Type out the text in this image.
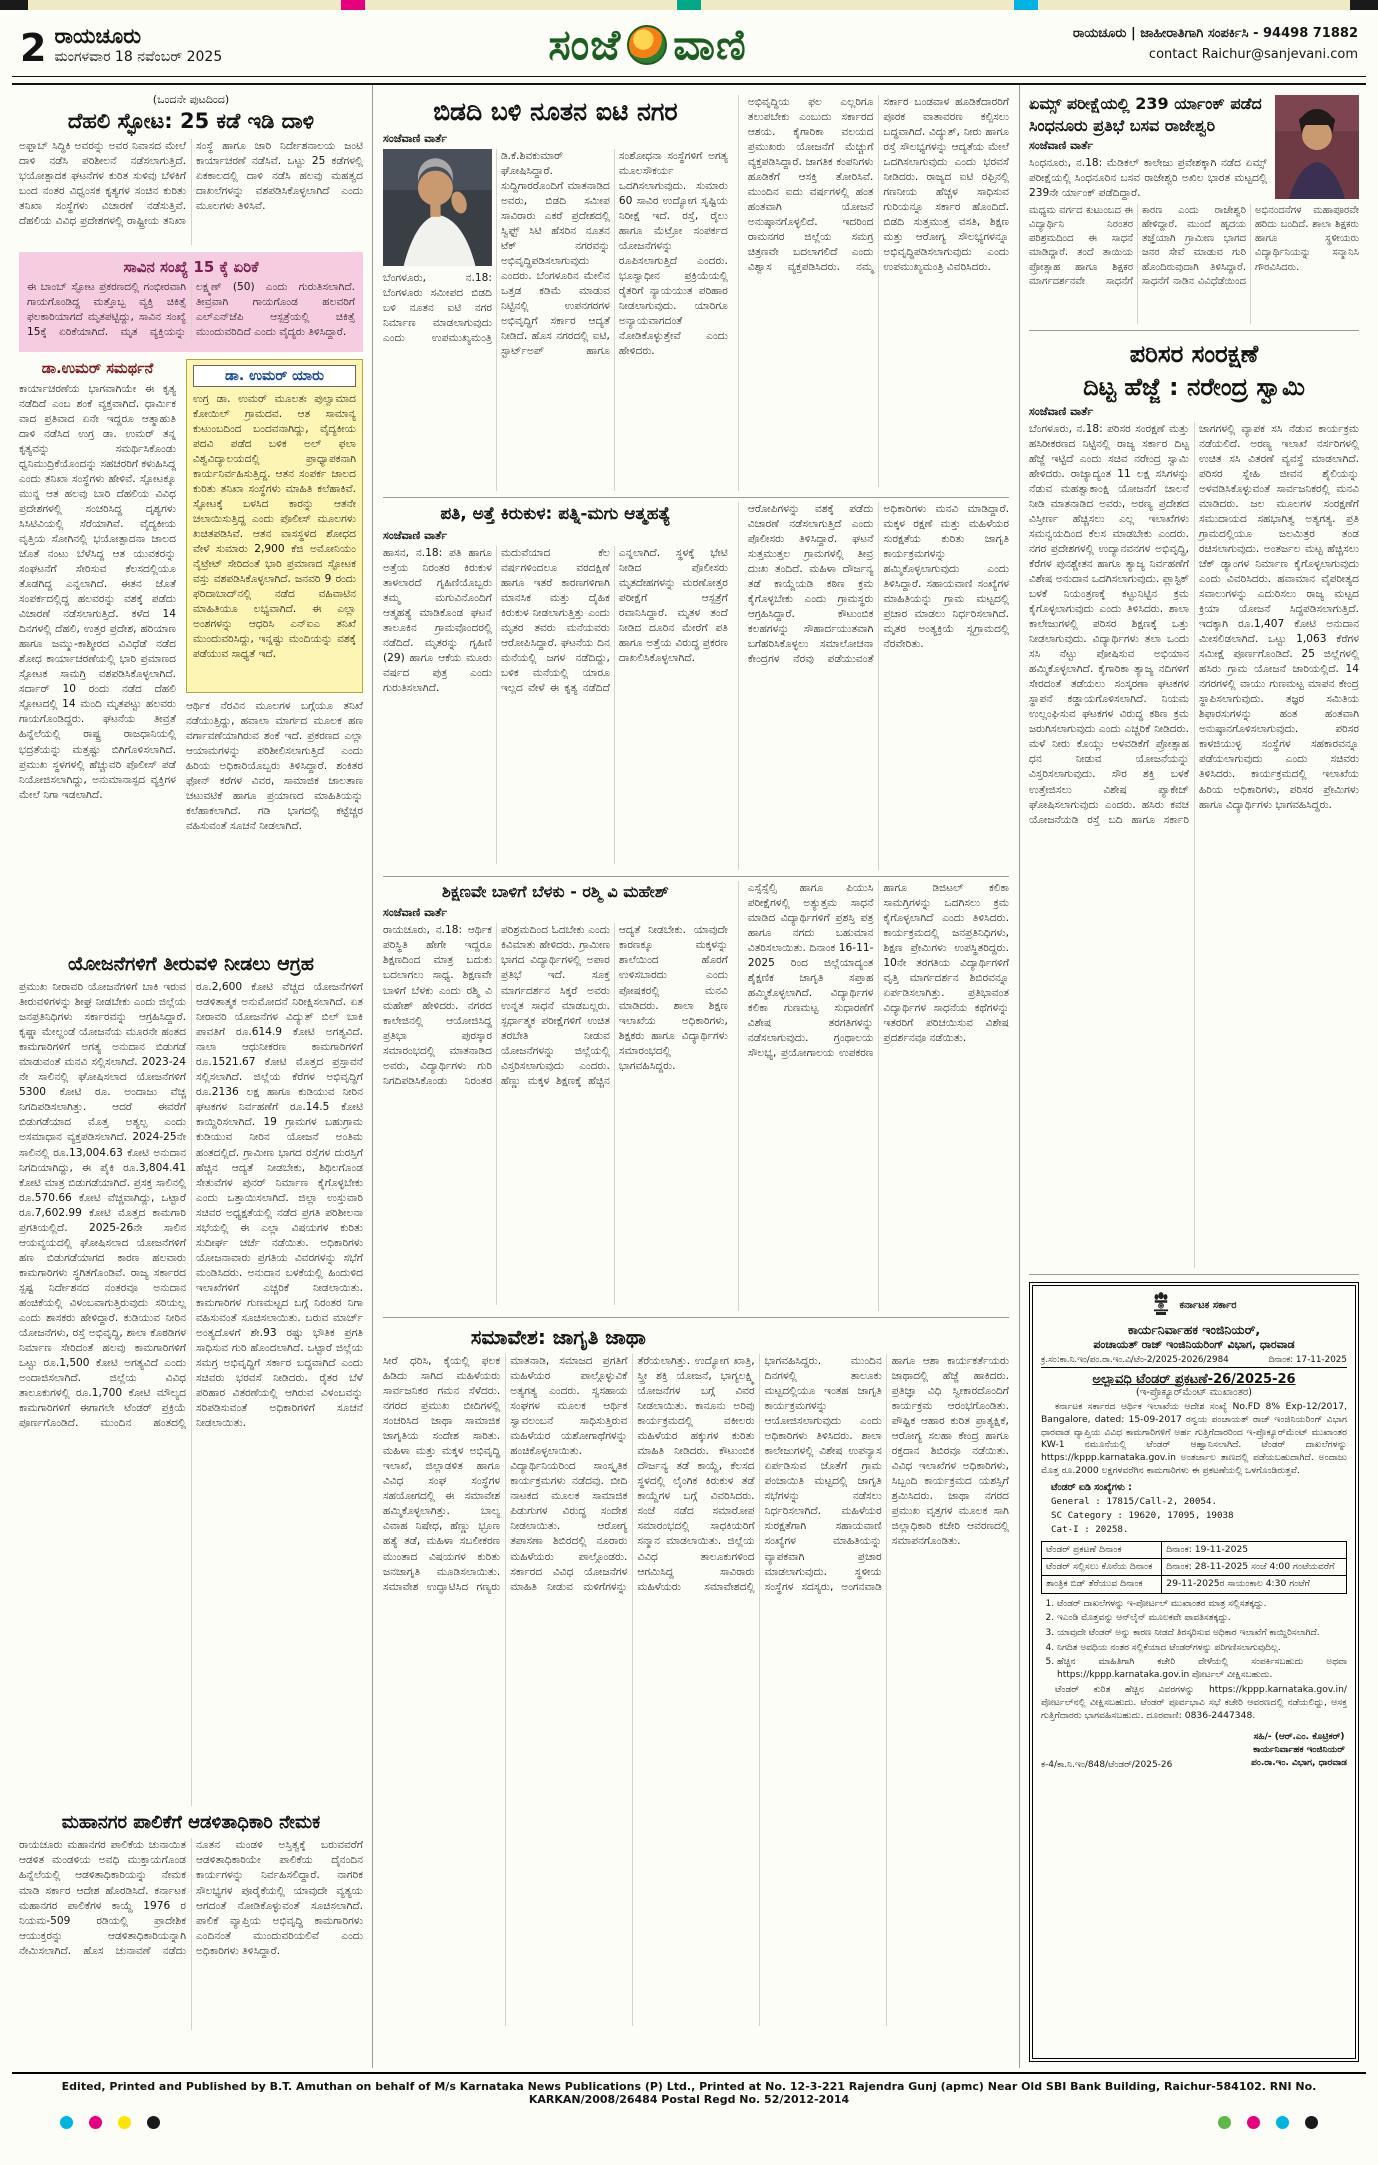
2 ರಾಯಚೂರು
ಮಂಗಳವಾರ 18 ನವೆಂಬರ್ 2025	ಸಂಜೆ ವಾಣಿ	ರಾಯಚೂರು | ಜಾಹೀರಾತಿಗಾಗಿ ಸಂಪರ್ಕಿಸಿ - 94498 71882
contact Raichur@sanjevani.com
(ಒಂದನೇ ಪುಟದಿಂದ)
ದೆಹಲಿ ಸ್ಫೋಟ: 25 ಕಡೆ ಇಡಿ ದಾಳಿ
ಅಫ್ತಾಬ್ ಸಿದ್ಧಿಕಿ ಅವರನ್ನು ಅವರ ನಿವಾಸದ ಮೇಲೆ ದಾಳಿ ನಡೆಸಿ ಪರಿಶೀಲನೆ ನಡೆಸಲಾಗುತ್ತಿದೆ. ಭಯೋತ್ಪಾದಕ ಘಟನೆಗಳ ಕುರಿತ ಸುಳಿವು ಬೆಳಕಿಗೆ ಬಂದ ನಂತರ ವಿಧ್ವಂಸಕ ಕೃತ್ಯಗಳ ಸಂಚಿನ ಕುರಿತು ತನಿಖಾ ಸಂಸ್ಥೆಗಳು ವಿಚಾರಣೆ ನಡೆಸುತ್ತಿವೆ. ದೆಹಲಿಯ ವಿವಿಧ ಪ್ರದೇಶಗಳಲ್ಲಿ ರಾಷ್ಟ್ರೀಯ ತನಿಖಾ ಸಂಸ್ಥೆ ಹಾಗೂ ಜಾರಿ ನಿರ್ದೇಶನಾಲಯ ಜಂಟಿ ಕಾರ್ಯಾಚರಣೆ ನಡೆಸಿವೆ. ಒಟ್ಟು 25 ಕಡೆಗಳಲ್ಲಿ ಏಕಕಾಲದಲ್ಲಿ ದಾಳಿ ನಡೆಸಿ ಹಲವು ಮಹತ್ವದ ದಾಖಲೆಗಳನ್ನು ವಶಪಡಿಸಿಕೊಳ್ಳಲಾಗಿದೆ ಎಂದು ಮೂಲಗಳು ತಿಳಿಸಿವೆ.
ಸಾವಿನ ಸಂಖ್ಯೆ 15 ಕ್ಕೆ ಏರಿಕೆ
ಈ ಬಾಂಬ್ ಸ್ಫೋಟ ಪ್ರಕರಣದಲ್ಲಿ ಗಂಭೀರವಾಗಿ ಗಾಯಗೊಂಡಿದ್ದ ಮತ್ತೊಬ್ಬ ವ್ಯಕ್ತಿ ಚಿಕಿತ್ಸೆ ಫಲಕಾರಿಯಾಗದೆ ಮೃತಪಟ್ಟಿದ್ದು, ಸಾವಿನ ಸಂಖ್ಯೆ 15ಕ್ಕೆ ಏರಿಕೆಯಾಗಿದೆ. ಮೃತ ವ್ಯಕ್ತಿಯನ್ನು ಲಕ್ಷ್ಮಣ್ (50) ಎಂದು ಗುರುತಿಸಲಾಗಿದೆ. ತೀವ್ರವಾಗಿ ಗಾಯಗೊಂಡ ಹಲವರಿಗೆ ಎಲ್‌ಎನ್‌ಜೆಪಿ ಆಸ್ಪತ್ರೆಯಲ್ಲಿ ಚಿಕಿತ್ಸೆ ಮುಂದುವರಿದಿದೆ ಎಂದು ವೈದ್ಯರು ತಿಳಿಸಿದ್ದಾರೆ.
ಡಾ.ಉಮರ್ ಸಮರ್ಥನೆ
ಕಾರ್ಯಾಚರಣೆಯ ಭಾಗವಾಗಿಯೇ ಈ ಕೃತ್ಯ ನಡೆದಿದೆ ಎಂಬ ಶಂಕೆ ವ್ಯಕ್ತವಾಗಿದೆ. ಧಾರ್ಮಿಕ ವಾದ ಪ್ರತಿವಾದ ಏನೇ ಇದ್ದರೂ ಆತ್ಮಾಹುತಿ ದಾಳಿ ನಡೆಸಿದ ಉಗ್ರ ಡಾ. ಉಮರ್ ತನ್ನ ಕೃತ್ಯವನ್ನು ಸಮರ್ಥಿಸಿಕೊಂಡು ಧ್ವನಿಮುದ್ರಿಕೆಯೊಂದನ್ನು ಸಹಚರರಿಗೆ ಕಳುಹಿಸಿದ್ದ ಎಂದು ತನಿಖಾ ಸಂಸ್ಥೆಗಳು ಹೇಳಿವೆ. ಸ್ಫೋಟಕ್ಕೂ ಮುನ್ನ ಆತ ಹಲವು ಬಾರಿ ದೆಹಲಿಯ ವಿವಿಧ ಪ್ರದೇಶಗಳಲ್ಲಿ ಸಂಚರಿಸಿದ್ದ ದೃಶ್ಯಗಳು ಸಿಸಿಟಿವಿಯಲ್ಲಿ ಸೆರೆಯಾಗಿವೆ. ವೈದ್ಯಕೀಯ ವೃತ್ತಿಯ ಸೋಗಿನಲ್ಲಿ ಭಯೋತ್ಪಾದನಾ ಜಾಲದ ಜೊತೆ ನಂಟು ಬೆಳೆಸಿದ್ದ ಆತ ಯುವಕರನ್ನು ಸಂಘಟನೆಗೆ ಸೇರಿಸುವ ಕೆಲಸದಲ್ಲಿಯೂ ತೊಡಗಿದ್ದ ಎನ್ನಲಾಗಿದೆ. ಈತನ ಜೊತೆ ಸಂಪರ್ಕದಲ್ಲಿದ್ದ ಹಲವರನ್ನು ವಶಕ್ಕೆ ಪಡೆದು ವಿಚಾರಣೆ ನಡೆಸಲಾಗುತ್ತಿದೆ. ಕಳೆದ 14 ದಿನಗಳಲ್ಲಿ ದೆಹಲಿ, ಉತ್ತರ ಪ್ರದೇಶ, ಹರಿಯಾಣ ಹಾಗೂ ಜಮ್ಮು-ಕಾಶ್ಮೀರದ ವಿವಿಧೆಡೆ ನಡೆದ ಶೋಧ ಕಾರ್ಯಾಚರಣೆಯಲ್ಲಿ ಭಾರಿ ಪ್ರಮಾಣದ ಸ್ಫೋಟಕ ಸಾಮಗ್ರಿ ವಶಪಡಿಸಿಕೊಳ್ಳಲಾಗಿದೆ. ಸರ್ದಾರ್ 10 ರಂದು ನಡೆದ ದೆಹಲಿ ಸ್ಫೋಟದಲ್ಲಿ 14 ಮಂದಿ ಮೃತಪಟ್ಟು ಹಲವರು ಗಾಯಗೊಂಡಿದ್ದರು. ಘಟನೆಯ ತೀವ್ರತೆ ಹಿನ್ನೆಲೆಯಲ್ಲಿ ರಾಷ್ಟ್ರ ರಾಜಧಾನಿಯಲ್ಲಿ ಭದ್ರತೆಯನ್ನು ಮತ್ತಷ್ಟು ಬಿಗಿಗೊಳಿಸಲಾಗಿದೆ. ಪ್ರಮುಖ ಸ್ಥಳಗಳಲ್ಲಿ ಹೆಚ್ಚುವರಿ ಪೊಲೀಸ್ ಪಡೆ ನಿಯೋಜಿಸಲಾಗಿದ್ದು, ಅನುಮಾನಾಸ್ಪದ ವ್ಯಕ್ತಿಗಳ ಮೇಲೆ ನಿಗಾ ಇಡಲಾಗಿದೆ.
ಡಾ. ಉಮರ್ ಯಾರು
ಉಗ್ರ ಡಾ. ಉಮರ್ ಮೂಲತಃ ಪುಲ್ವಾಮಾದ ಕೋಯಿಲ್ ಗ್ರಾಮದವ. ಆತ ಸಾಮಾನ್ಯ ಕುಟುಂಬದಿಂದ ಬಂದವನಾಗಿದ್ದು, ವೈದ್ಯಕೀಯ ಪದವಿ ಪಡೆದ ಬಳಿಕ ಅಲ್ ಫಲಾ ವಿಶ್ವವಿದ್ಯಾಲಯದಲ್ಲಿ ಪ್ರಾಧ್ಯಾಪಕನಾಗಿ ಕಾರ್ಯನಿರ್ವಹಿಸುತ್ತಿದ್ದ. ಆತನ ಸಂಪರ್ಕ ಜಾಲದ ಕುರಿತು ತನಿಖಾ ಸಂಸ್ಥೆಗಳು ಮಾಹಿತಿ ಕಲೆಹಾಕಿವೆ. ಸ್ಫೋಟಕ್ಕೆ ಬಳಸಿದ ಕಾರನ್ನು ಆತನೇ ಚಲಾಯಿಸುತ್ತಿದ್ದ ಎಂದು ಪೊಲೀಸ್ ಮೂಲಗಳು ಖಚಿತಪಡಿಸಿವೆ. ಆತನ ವಾಸಸ್ಥಳದ ಶೋಧದ ವೇಳೆ ಸುಮಾರು 2,900 ಕೆಜಿ ಅಮೋನಿಯಂ ನೈಟ್ರೇಟ್ ಸೇರಿದಂತೆ ಭಾರಿ ಪ್ರಮಾಣದ ಸ್ಫೋಟಕ ವಸ್ತು ವಶಪಡಿಸಿಕೊಳ್ಳಲಾಗಿದೆ. ಜನವರಿ 9 ರಂದು ಫರಿದಾಬಾದ್‌ನಲ್ಲಿ ನಡೆದ ವಹಿವಾಟಿನ ಮಾಹಿತಿಯೂ ಲಭ್ಯವಾಗಿದೆ. ಈ ಎಲ್ಲಾ ಅಂಶಗಳನ್ನು ಆಧರಿಸಿ ಎನ್‌ಐಎ ತನಿಖೆ ಮುಂದುವರಿಸಿದ್ದು, ಇನ್ನಷ್ಟು ಮಂದಿಯನ್ನು ವಶಕ್ಕೆ ಪಡೆಯುವ ಸಾಧ್ಯತೆ ಇದೆ.
ಆರ್ಥಿಕ ನೆರವಿನ ಮೂಲಗಳ ಬಗ್ಗೆಯೂ ತನಿಖೆ ನಡೆಯುತ್ತಿದ್ದು, ಹವಾಲಾ ಮಾರ್ಗದ ಮೂಲಕ ಹಣ ವರ್ಗಾವಣೆಯಾಗಿರುವ ಶಂಕೆ ಇದೆ. ಪ್ರಕರಣದ ಎಲ್ಲಾ ಆಯಾಮಗಳನ್ನು ಪರಿಶೀಲಿಸಲಾಗುತ್ತಿದೆ ಎಂದು ಹಿರಿಯ ಅಧಿಕಾರಿಯೊಬ್ಬರು ತಿಳಿಸಿದ್ದಾರೆ. ಶಂಕಿತರ ಫೋನ್ ಕರೆಗಳ ವಿವರ, ಸಾಮಾಜಿಕ ಜಾಲತಾಣ ಚಟುವಟಿಕೆ ಹಾಗೂ ಪ್ರಯಾಣದ ಮಾಹಿತಿಯನ್ನು ಕಲೆಹಾಕಲಾಗಿದೆ. ಗಡಿ ಭಾಗದಲ್ಲಿ ಕಟ್ಟೆಚ್ಚರ ವಹಿಸುವಂತೆ ಸೂಚನೆ ನೀಡಲಾಗಿದೆ.
ಯೋಜನೆಗಳಿಗೆ ತೀರುವಳಿ ನೀಡಲು ಆಗ್ರಹ
ಪ್ರಮುಖ ನೀರಾವರಿ ಯೋಜನೆಗಳಿಗೆ ಬಾಕಿ ಇರುವ ತೀರುವಳಿಗಳನ್ನು ಶೀಘ್ರ ನೀಡಬೇಕು ಎಂದು ಜಿಲ್ಲೆಯ ಜನಪ್ರತಿನಿಧಿಗಳು ಸರ್ಕಾರವನ್ನು ಆಗ್ರಹಿಸಿದ್ದಾರೆ. ಕೃಷ್ಣಾ ಮೇಲ್ದಂಡೆ ಯೋಜನೆಯ ಮೂರನೇ ಹಂತದ ಕಾಮಗಾರಿಗಳಿಗೆ ಅಗತ್ಯ ಅನುದಾನ ಬಿಡುಗಡೆ ಮಾಡುವಂತೆ ಮನವಿ ಸಲ್ಲಿಸಲಾಗಿದೆ. 2023-24 ನೇ ಸಾಲಿನಲ್ಲಿ ಘೋಷಿಸಲಾದ ಯೋಜನೆಗಳಿಗೆ 5300 ಕೋಟಿ ರೂ. ಅಂದಾಜು ವೆಚ್ಚ ನಿಗದಿಪಡಿಸಲಾಗಿತ್ತು. ಆದರೆ ಈವರೆಗೆ ಬಿಡುಗಡೆಯಾದ ಮೊತ್ತ ಅತ್ಯಲ್ಪ ಎಂದು ಅಸಮಾಧಾನ ವ್ಯಕ್ತಪಡಿಸಲಾಗಿದೆ. 2024-25ನೇ ಸಾಲಿನಲ್ಲಿ ರೂ.13,004.63 ಕೋಟಿ ಅನುದಾನ ನಿಗದಿಯಾಗಿದ್ದು, ಈ ಪೈಕಿ ರೂ.3,804.41 ಕೋಟಿ ಮಾತ್ರ ಬಿಡುಗಡೆಯಾಗಿದೆ. ಪ್ರಸಕ್ತ ಸಾಲಿನಲ್ಲಿ ರೂ.570.66 ಕೋಟಿ ವೆಚ್ಚವಾಗಿದ್ದು, ಒಟ್ಟಾರೆ ರೂ.7,602.99 ಕೋಟಿ ಮೊತ್ತದ ಕಾಮಗಾರಿ ಪ್ರಗತಿಯಲ್ಲಿದೆ. 2025-26ನೇ ಸಾಲಿನ ಆಯವ್ಯಯದಲ್ಲಿ ಘೋಷಿಸಲಾದ ಯೋಜನೆಗಳಿಗೆ ಹಣ ಬಿಡುಗಡೆಯಾಗದ ಕಾರಣ ಹಲವಾರು ಕಾಮಗಾರಿಗಳು ಸ್ಥಗಿತಗೊಂಡಿವೆ. ರಾಜ್ಯ ಸರ್ಕಾರದ ಸ್ಪಷ್ಟ ನಿರ್ದೇಶನದ ನಂತರವೂ ಅನುದಾನ ಹಂಚಿಕೆಯಲ್ಲಿ ವಿಳಂಬವಾಗುತ್ತಿರುವುದು ಸರಿಯಲ್ಲ ಎಂದು ಶಾಸಕರು ಹೇಳಿದ್ದಾರೆ. ಕುಡಿಯುವ ನೀರಿನ ಯೋಜನೆಗಳು, ರಸ್ತೆ ಅಭಿವೃದ್ಧಿ, ಶಾಲಾ ಕೊಠಡಿಗಳ ನಿರ್ಮಾಣ ಸೇರಿದಂತೆ ಹಲವು ಕಾಮಗಾರಿಗಳಿಗೆ ಒಟ್ಟು ರೂ.1,500 ಕೋಟಿ ಅಗತ್ಯವಿದೆ ಎಂದು ಅಂದಾಜಿಸಲಾಗಿದೆ. ಜಿಲ್ಲೆಯ ವಿವಿಧ ತಾಲೂಕುಗಳಲ್ಲಿ ರೂ.1,700 ಕೋಟಿ ಮೌಲ್ಯದ ಕಾಮಗಾರಿಗಳಿಗೆ ಈಗಾಗಲೇ ಟೆಂಡರ್ ಪ್ರಕ್ರಿಯೆ ಪೂರ್ಣಗೊಂಡಿದೆ. ಮುಂದಿನ ಹಂತದಲ್ಲಿ ರೂ.2,600 ಕೋಟಿ ವೆಚ್ಚದ ಯೋಜನೆಗಳಿಗೆ ಆಡಳಿತಾತ್ಮಕ ಅನುಮೋದನೆ ನಿರೀಕ್ಷಿಸಲಾಗಿದೆ. ಏತ ನೀರಾವರಿ ಯೋಜನೆಗಳ ವಿದ್ಯುತ್ ಬಿಲ್ ಬಾಕಿ ಪಾವತಿಗೆ ರೂ.614.9 ಕೋಟಿ ಅಗತ್ಯವಿದೆ. ನಾಲಾ ಆಧುನೀಕರಣ ಕಾಮಗಾರಿಗಳಿಗೆ ರೂ.1521.67 ಕೋಟಿ ಮೊತ್ತದ ಪ್ರಸ್ತಾವನೆ ಸಲ್ಲಿಸಲಾಗಿದೆ. ಜಿಲ್ಲೆಯ ಕೆರೆಗಳ ಅಭಿವೃದ್ಧಿಗೆ ರೂ.2136 ಲಕ್ಷ ಹಾಗೂ ಕುಡಿಯುವ ನೀರಿನ ಘಟಕಗಳ ನಿರ್ವಹಣೆಗೆ ರೂ.14.5 ಕೋಟಿ ಕಾಯ್ದಿರಿಸಲಾಗಿದೆ. 19 ಗ್ರಾಮಗಳ ಬಹುಗ್ರಾಮ ಕುಡಿಯುವ ನೀರಿನ ಯೋಜನೆ ಅಂತಿಮ ಹಂತದಲ್ಲಿದೆ. ಗ್ರಾಮೀಣ ಭಾಗದ ರಸ್ತೆಗಳ ದುರಸ್ತಿಗೆ ಹೆಚ್ಚಿನ ಆದ್ಯತೆ ನೀಡಬೇಕು, ಶಿಥಿಲಗೊಂಡ ಸೇತುವೆಗಳ ಪುನರ್ ನಿರ್ಮಾಣ ಕೈಗೊಳ್ಳಬೇಕು ಎಂದು ಒತ್ತಾಯಿಸಲಾಗಿದೆ. ಜಿಲ್ಲಾ ಉಸ್ತುವಾರಿ ಸಚಿವರ ಅಧ್ಯಕ್ಷತೆಯಲ್ಲಿ ನಡೆದ ಪ್ರಗತಿ ಪರಿಶೀಲನಾ ಸಭೆಯಲ್ಲಿ ಈ ಎಲ್ಲಾ ವಿಷಯಗಳ ಕುರಿತು ಸುದೀರ್ಘ ಚರ್ಚೆ ನಡೆಯಿತು. ಅಧಿಕಾರಿಗಳು ಯೋಜನಾವಾರು ಪ್ರಗತಿಯ ವಿವರಗಳನ್ನು ಸಭೆಗೆ ಮಂಡಿಸಿದರು. ಅನುದಾನ ಬಳಕೆಯಲ್ಲಿ ಹಿಂದುಳಿದ ಇಲಾಖೆಗಳಿಗೆ ಎಚ್ಚರಿಕೆ ನೀಡಲಾಯಿತು. ಕಾಮಗಾರಿಗಳ ಗುಣಮಟ್ಟದ ಬಗ್ಗೆ ನಿರಂತರ ನಿಗಾ ವಹಿಸುವಂತೆ ಸೂಚಿಸಲಾಯಿತು. ಬರುವ ಮಾರ್ಚ್ ಅಂತ್ಯದೊಳಗೆ ಶೇ.93 ರಷ್ಟು ಭೌತಿಕ ಪ್ರಗತಿ ಸಾಧಿಸುವ ಗುರಿ ಹೊಂದಲಾಗಿದೆ. ಒಟ್ಟಾರೆ ಜಿಲ್ಲೆಯ ಸಮಗ್ರ ಅಭಿವೃದ್ಧಿಗೆ ಸರ್ಕಾರ ಬದ್ಧವಾಗಿದೆ ಎಂದು ಸಚಿವರು ಭರವಸೆ ನೀಡಿದರು. ರೈತರ ಬೆಳೆ ಪರಿಹಾರ ವಿತರಣೆಯಲ್ಲಿ ಆಗಿರುವ ವಿಳಂಬವನ್ನು ಸರಿಪಡಿಸುವಂತೆ ಅಧಿಕಾರಿಗಳಿಗೆ ಸೂಚನೆ ನೀಡಲಾಯಿತು.
ಮಹಾನಗರ ಪಾಲಿಕೆಗೆ ಆಡಳಿತಾಧಿಕಾರಿ ನೇಮಕ
ರಾಯಚೂರು ಮಹಾನಗರ ಪಾಲಿಕೆಯ ಚುನಾಯಿತ ಆಡಳಿತ ಮಂಡಳಿಯ ಅವಧಿ ಮುಕ್ತಾಯಗೊಂಡ ಹಿನ್ನೆಲೆಯಲ್ಲಿ ಆಡಳಿತಾಧಿಕಾರಿಯನ್ನು ನೇಮಕ ಮಾಡಿ ಸರ್ಕಾರ ಆದೇಶ ಹೊರಡಿಸಿದೆ. ಕರ್ನಾಟಕ ಮಹಾನಗರ ಪಾಲಿಕೆಗಳ ಕಾಯ್ದೆ 1976 ರ ನಿಯಮ-509 ರಡಿಯಲ್ಲಿ ಪ್ರಾದೇಶಿಕ ಆಯುಕ್ತರನ್ನು ಆಡಳಿತಾಧಿಕಾರಿಯನ್ನಾಗಿ ನೇಮಿಸಲಾಗಿದೆ. ಹೊಸ ಚುನಾವಣೆ ನಡೆದು ನೂತನ ಮಂಡಳಿ ಅಸ್ತಿತ್ವಕ್ಕೆ ಬರುವವರೆಗೆ ಆಡಳಿತಾಧಿಕಾರಿಯೇ ಪಾಲಿಕೆಯ ದೈನಂದಿನ ಕಾರ್ಯಗಳನ್ನು ನಿರ್ವಹಿಸಲಿದ್ದಾರೆ. ನಾಗರಿಕ ಸೌಲಭ್ಯಗಳ ಪೂರೈಕೆಯಲ್ಲಿ ಯಾವುದೇ ವ್ಯತ್ಯಯ ಆಗದಂತೆ ನೋಡಿಕೊಳ್ಳುವಂತೆ ಸೂಚಿಸಲಾಗಿದೆ. ಪಾಲಿಕೆ ವ್ಯಾಪ್ತಿಯ ಅಭಿವೃದ್ಧಿ ಕಾಮಗಾರಿಗಳು ಎಂದಿನಂತೆ ಮುಂದುವರಿಯಲಿವೆ ಎಂದು ಅಧಿಕಾರಿಗಳು ತಿಳಿಸಿದ್ದಾರೆ.
ಬಿಡದಿ ಬಳಿ ನೂತನ ಐಟಿ ನಗರ
ಸಂಜೆವಾಣಿ ವಾರ್ತೆ
ಬೆಂಗಳೂರು, ನ.18: ಬೆಂಗಳೂರು ಸಮೀಪದ ಬಿಡದಿ ಬಳಿ ನೂತನ ಐಟಿ ನಗರ ನಿರ್ಮಾಣ ಮಾಡಲಾಗುವುದು ಎಂದು ಉಪಮುಖ್ಯಮಂತ್ರಿ ಡಿ.ಕೆ.ಶಿವಕುಮಾರ್ ಘೋಷಿಸಿದ್ದಾರೆ. ಸುದ್ದಿಗಾರರೊಂದಿಗೆ ಮಾತನಾಡಿದ ಅವರು, ಬಿಡದಿ ಸಮೀಪ ಸಾವಿರಾರು ಎಕರೆ ಪ್ರದೇಶದಲ್ಲಿ ಸ್ವಿಫ್ಟ್ ಸಿಟಿ ಹೆಸರಿನ ನೂತನ ಟೆಕ್ ನಗರವನ್ನು ಅಭಿವೃದ್ಧಿಪಡಿಸಲಾಗುವುದು ಎಂದರು. ಬೆಂಗಳೂರಿನ ಮೇಲಿನ ಒತ್ತಡ ಕಡಿಮೆ ಮಾಡುವ ನಿಟ್ಟಿನಲ್ಲಿ ಉಪನಗರಗಳ ಅಭಿವೃದ್ಧಿಗೆ ಸರ್ಕಾರ ಆದ್ಯತೆ ನೀಡಿದೆ. ಹೊಸ ನಗರದಲ್ಲಿ ಐಟಿ, ಸ್ಟಾರ್ಟ್‌ಅಪ್ ಹಾಗೂ ಸಂಶೋಧನಾ ಸಂಸ್ಥೆಗಳಿಗೆ ಅಗತ್ಯ ಮೂಲಸೌಕರ್ಯ ಒದಗಿಸಲಾಗುವುದು. ಸುಮಾರು 60 ಸಾವಿರ ಉದ್ಯೋಗ ಸೃಷ್ಟಿಯ ನಿರೀಕ್ಷೆ ಇದೆ. ರಸ್ತೆ, ರೈಲು ಹಾಗೂ ಮೆಟ್ರೋ ಸಂಪರ್ಕದ ಯೋಜನೆಗಳನ್ನು ರೂಪಿಸಲಾಗುತ್ತಿದೆ ಎಂದರು. ಭೂಸ್ವಾಧೀನ ಪ್ರಕ್ರಿಯೆಯಲ್ಲಿ ರೈತರಿಗೆ ನ್ಯಾಯಯುತ ಪರಿಹಾರ ನೀಡಲಾಗುವುದು. ಯಾರಿಗೂ ಅನ್ಯಾಯವಾಗದಂತೆ ನೋಡಿಕೊಳ್ಳುತ್ತೇವೆ ಎಂದು ಹೇಳಿದರು.
ಅಭಿವೃದ್ಧಿಯ ಫಲ ಎಲ್ಲರಿಗೂ ತಲುಪಬೇಕು ಎಂಬುದು ಸರ್ಕಾರದ ಆಶಯ. ಕೈಗಾರಿಕಾ ವಲಯದ ಪ್ರಮುಖರು ಯೋಜನೆಗೆ ಮೆಚ್ಚುಗೆ ವ್ಯಕ್ತಪಡಿಸಿದ್ದಾರೆ. ಜಾಗತಿಕ ಕಂಪನಿಗಳು ಹೂಡಿಕೆಗೆ ಆಸಕ್ತಿ ತೋರಿಸಿವೆ. ಮುಂದಿನ ಐದು ವರ್ಷಗಳಲ್ಲಿ ಹಂತ ಹಂತವಾಗಿ ಯೋಜನೆ ಅನುಷ್ಠಾನಗೊಳ್ಳಲಿದೆ. ಇದರಿಂದ ರಾಮನಗರ ಜಿಲ್ಲೆಯ ಸಮಗ್ರ ಚಿತ್ರಣವೇ ಬದಲಾಗಲಿದೆ ಎಂದು ವಿಶ್ವಾಸ ವ್ಯಕ್ತಪಡಿಸಿದರು. ನಮ್ಮ ಸರ್ಕಾರ ಬಂಡವಾಳ ಹೂಡಿಕೆದಾರರಿಗೆ ಪೂರಕ ವಾತಾವರಣ ಕಲ್ಪಿಸಲು ಬದ್ಧವಾಗಿದೆ. ವಿದ್ಯುತ್, ನೀರು ಹಾಗೂ ರಸ್ತೆ ಸೌಲಭ್ಯಗಳನ್ನು ಆದ್ಯತೆಯ ಮೇಲೆ ಒದಗಿಸಲಾಗುವುದು ಎಂದು ಭರವಸೆ ನೀಡಿದರು. ರಾಜ್ಯದ ಐಟಿ ರಫ್ತಿನಲ್ಲಿ ಗಣನೀಯ ಹೆಚ್ಚಳ ಸಾಧಿಸುವ ಗುರಿಯನ್ನೂ ಸರ್ಕಾರ ಹೊಂದಿದೆ. ಬಿಡದಿ ಸುತ್ತಮುತ್ತ ವಸತಿ, ಶಿಕ್ಷಣ ಮತ್ತು ಆರೋಗ್ಯ ಸೌಲಭ್ಯಗಳನ್ನೂ ಅಭಿವೃದ್ಧಿಪಡಿಸಲಾಗುವುದು ಎಂದು ಉಪಮುಖ್ಯಮಂತ್ರಿ ವಿವರಿಸಿದರು.
ಪತಿ, ಅತ್ತೆ ಕಿರುಕುಳ: ಪತ್ನಿ-ಮಗು ಆತ್ಮಹತ್ಯೆ
ಸಂಜೆವಾಣಿ ವಾರ್ತೆ
ಹಾಸನ, ನ.18: ಪತಿ ಹಾಗೂ ಅತ್ತೆಯ ನಿರಂತರ ಕಿರುಕುಳ ತಾಳಲಾರದೆ ಗೃಹಿಣಿಯೊಬ್ಬರು ತಮ್ಮ ಮಗುವಿನೊಂದಿಗೆ ಆತ್ಮಹತ್ಯೆ ಮಾಡಿಕೊಂಡ ಘಟನೆ ತಾಲೂಕಿನ ಗ್ರಾಮವೊಂದರಲ್ಲಿ ನಡೆದಿದೆ. ಮೃತರನ್ನು ಗೃಹಿಣಿ (29) ಹಾಗೂ ಆಕೆಯ ಮೂರು ವರ್ಷದ ಪುತ್ರ ಎಂದು ಗುರುತಿಸಲಾಗಿದೆ. ಮದುವೆಯಾದ ಕೆಲ ವರ್ಷಗಳಿಂದಲೂ ವರದಕ್ಷಿಣೆ ಹಾಗೂ ಇತರೆ ಕಾರಣಗಳಿಗಾಗಿ ಮಾನಸಿಕ ಮತ್ತು ದೈಹಿಕ ಕಿರುಕುಳ ನೀಡಲಾಗುತ್ತಿತ್ತು ಎಂದು ಮೃತರ ತವರು ಮನೆಯವರು ಆರೋಪಿಸಿದ್ದಾರೆ. ಘಟನೆಯ ದಿನ ಮನೆಯಲ್ಲಿ ಜಗಳ ನಡೆದಿದ್ದು, ಬಳಿಕ ಮನೆಯಲ್ಲಿ ಯಾರೂ ಇಲ್ಲದ ವೇಳೆ ಈ ಕೃತ್ಯ ನಡೆದಿದೆ ಎನ್ನಲಾಗಿದೆ. ಸ್ಥಳಕ್ಕೆ ಭೇಟಿ ನೀಡಿದ ಪೊಲೀಸರು ಮೃತದೇಹಗಳನ್ನು ಮರಣೋತ್ತರ ಪರೀಕ್ಷೆಗೆ ಆಸ್ಪತ್ರೆಗೆ ರವಾನಿಸಿದ್ದಾರೆ. ಮೃತಳ ತಂದೆ ನೀಡಿದ ದೂರಿನ ಮೇರೆಗೆ ಪತಿ ಹಾಗೂ ಅತ್ತೆಯ ವಿರುದ್ಧ ಪ್ರಕರಣ ದಾಖಲಿಸಿಕೊಳ್ಳಲಾಗಿದೆ.
ಆರೋಪಿಗಳನ್ನು ವಶಕ್ಕೆ ಪಡೆದು ವಿಚಾರಣೆ ನಡೆಸಲಾಗುತ್ತಿದೆ ಎಂದು ಪೊಲೀಸರು ತಿಳಿಸಿದ್ದಾರೆ. ಘಟನೆ ಸುತ್ತಮುತ್ತಲ ಗ್ರಾಮಗಳಲ್ಲಿ ತೀವ್ರ ದುಃಖ ತಂದಿದೆ. ಮಹಿಳಾ ದೌರ್ಜನ್ಯ ತಡೆ ಕಾಯ್ದೆಯಡಿ ಕಠಿಣ ಕ್ರಮ ಕೈಗೊಳ್ಳಬೇಕು ಎಂದು ಗ್ರಾಮಸ್ಥರು ಆಗ್ರಹಿಸಿದ್ದಾರೆ. ಕೌಟುಂಬಿಕ ಕಲಹಗಳನ್ನು ಸೌಹಾರ್ದಯುತವಾಗಿ ಬಗೆಹರಿಸಿಕೊಳ್ಳಲು ಸಮಾಲೋಚನಾ ಕೇಂದ್ರಗಳ ನೆರವು ಪಡೆಯುವಂತೆ ಅಧಿಕಾರಿಗಳು ಮನವಿ ಮಾಡಿದ್ದಾರೆ. ಮಕ್ಕಳ ರಕ್ಷಣೆ ಮತ್ತು ಮಹಿಳೆಯರ ಸುರಕ್ಷತೆಯ ಕುರಿತು ಜಾಗೃತಿ ಕಾರ್ಯಕ್ರಮಗಳನ್ನು ಹಮ್ಮಿಕೊಳ್ಳಲಾಗುವುದು ಎಂದು ತಿಳಿಸಿದ್ದಾರೆ. ಸಹಾಯವಾಣಿ ಸಂಖ್ಯೆಗಳ ಮಾಹಿತಿಯನ್ನು ಗ್ರಾಮ ಮಟ್ಟದಲ್ಲಿ ಪ್ರಚಾರ ಮಾಡಲು ನಿರ್ಧರಿಸಲಾಗಿದೆ. ಮೃತರ ಅಂತ್ಯಕ್ರಿಯೆ ಸ್ವಗ್ರಾಮದಲ್ಲಿ ನೆರವೇರಿತು.
ಶಿಕ್ಷಣವೇ ಬಾಳಿಗೆ ಬೆಳಕು - ರಶ್ಮಿ ವಿ ಮಹೇಶ್
ಸಂಜೆವಾಣಿ ವಾರ್ತೆ
ರಾಯಚೂರು, ನ.18: ಆರ್ಥಿಕ ಪರಿಸ್ಥಿತಿ ಹೇಗೇ ಇದ್ದರೂ ಶಿಕ್ಷಣದಿಂದ ಮಾತ್ರ ಬದುಕು ಬದಲಾಗಲು ಸಾಧ್ಯ. ಶಿಕ್ಷಣವೇ ಬಾಳಿಗೆ ಬೆಳಕು ಎಂದು ರಶ್ಮಿ ವಿ ಮಹೇಶ್ ಹೇಳಿದರು. ನಗರದ ಕಾಲೇಜಿನಲ್ಲಿ ಆಯೋಜಿಸಿದ್ದ ಪ್ರತಿಭಾ ಪುರಸ್ಕಾರ ಸಮಾರಂಭದಲ್ಲಿ ಮಾತನಾಡಿದ ಅವರು, ವಿದ್ಯಾರ್ಥಿಗಳು ಗುರಿ ನಿಗದಿಪಡಿಸಿಕೊಂಡು ನಿರಂತರ ಪರಿಶ್ರಮದಿಂದ ಓದಬೇಕು ಎಂದು ಕಿವಿಮಾತು ಹೇಳಿದರು. ಗ್ರಾಮೀಣ ಭಾಗದ ವಿದ್ಯಾರ್ಥಿಗಳಲ್ಲಿ ಅಪಾರ ಪ್ರತಿಭೆ ಇದೆ. ಸೂಕ್ತ ಮಾರ್ಗದರ್ಶನ ಸಿಕ್ಕರೆ ಅವರು ಉನ್ನತ ಸಾಧನೆ ಮಾಡಬಲ್ಲರು. ಸ್ಪರ್ಧಾತ್ಮಕ ಪರೀಕ್ಷೆಗಳಿಗೆ ಉಚಿತ ತರಬೇತಿ ನೀಡುವ ಯೋಜನೆಗಳನ್ನು ಜಿಲ್ಲೆಯಲ್ಲಿ ವಿಸ್ತರಿಸಲಾಗುವುದು ಎಂದರು. ಹೆಣ್ಣು ಮಕ್ಕಳ ಶಿಕ್ಷಣಕ್ಕೆ ಹೆಚ್ಚಿನ ಆದ್ಯತೆ ನೀಡಬೇಕು. ಯಾವುದೇ ಕಾರಣಕ್ಕೂ ಮಕ್ಕಳನ್ನು ಶಾಲೆಯಿಂದ ಹೊರಗೆ ಉಳಿಸಬಾರದು ಎಂದು ಪೋಷಕರಲ್ಲಿ ಮನವಿ ಮಾಡಿದರು. ಶಾಲಾ ಶಿಕ್ಷಣ ಇಲಾಖೆಯ ಅಧಿಕಾರಿಗಳು, ಶಿಕ್ಷಕರು ಹಾಗೂ ವಿದ್ಯಾರ್ಥಿಗಳು ಸಮಾರಂಭದಲ್ಲಿ ಭಾಗವಹಿಸಿದ್ದರು.
ಎಸ್ಸೆಸ್ಸೆಲ್ಸಿ ಹಾಗೂ ಪಿಯುಸಿ ಪರೀಕ್ಷೆಗಳಲ್ಲಿ ಅತ್ಯುತ್ತಮ ಸಾಧನೆ ಮಾಡಿದ ವಿದ್ಯಾರ್ಥಿಗಳಿಗೆ ಪ್ರಶಸ್ತಿ ಪತ್ರ ಹಾಗೂ ನಗದು ಬಹುಮಾನ ವಿತರಿಸಲಾಯಿತು. ದಿನಾಂಕ 16-11-2025 ರಿಂದ ಜಿಲ್ಲೆಯಾದ್ಯಂತ ಶೈಕ್ಷಣಿಕ ಜಾಗೃತಿ ಸಪ್ತಾಹ ಹಮ್ಮಿಕೊಳ್ಳಲಾಗಿದೆ. ವಿದ್ಯಾರ್ಥಿಗಳ ಕಲಿಕಾ ಗುಣಮಟ್ಟ ಸುಧಾರಣೆಗೆ ವಿಶೇಷ ತರಗತಿಗಳನ್ನು ನಡೆಸಲಾಗುವುದು. ಗ್ರಂಥಾಲಯ ಸೌಲಭ್ಯ, ಪ್ರಯೋಗಾಲಯ ಉಪಕರಣ ಹಾಗೂ ಡಿಜಿಟಲ್ ಕಲಿಕಾ ಸಾಮಗ್ರಿಗಳನ್ನು ಒದಗಿಸಲು ಕ್ರಮ ಕೈಗೊಳ್ಳಲಾಗಿದೆ ಎಂದು ತಿಳಿಸಿದರು. ಕಾರ್ಯಕ್ರಮದಲ್ಲಿ ಜನಪ್ರತಿನಿಧಿಗಳು, ಶಿಕ್ಷಣ ಪ್ರೇಮಿಗಳು ಉಪಸ್ಥಿತರಿದ್ದರು. 10ನೇ ತರಗತಿಯ ವಿದ್ಯಾರ್ಥಿಗಳಿಗೆ ವೃತ್ತಿ ಮಾರ್ಗದರ್ಶನ ಶಿಬಿರವನ್ನೂ ಏರ್ಪಡಿಸಲಾಗಿತ್ತು. ಪ್ರತಿಭಾವಂತ ವಿದ್ಯಾರ್ಥಿಗಳ ಸಾಧನೆಯ ಕಥೆಗಳನ್ನು ಇತರರಿಗೆ ಪರಿಚಯಿಸುವ ವಿಶೇಷ ಪ್ರದರ್ಶನವೂ ನಡೆಯಿತು.
ಸಮಾವೇಶ: ಜಾಗೃತಿ ಜಾಥಾ
ಸೀರೆ ಧರಿಸಿ, ಕೈಯಲ್ಲಿ ಫಲಕ ಹಿಡಿದು ಸಾಗಿದ ಮಹಿಳೆಯರು ಸಾರ್ವಜನಿಕರ ಗಮನ ಸೆಳೆದರು. ನಗರದ ಪ್ರಮುಖ ಬೀದಿಗಳಲ್ಲಿ ಸಂಚರಿಸಿದ ಜಾಥಾ ಸಾಮಾಜಿಕ ಜಾಗೃತಿಯ ಸಂದೇಶ ಸಾರಿತು. ಮಹಿಳಾ ಮತ್ತು ಮಕ್ಕಳ ಅಭಿವೃದ್ಧಿ ಇಲಾಖೆ, ಜಿಲ್ಲಾಡಳಿತ ಹಾಗೂ ವಿವಿಧ ಸಂಘ ಸಂಸ್ಥೆಗಳ ಸಹಯೋಗದಲ್ಲಿ ಈ ಸಮಾವೇಶ ಹಮ್ಮಿಕೊಳ್ಳಲಾಗಿತ್ತು. ಬಾಲ್ಯ ವಿವಾಹ ನಿಷೇಧ, ಹೆಣ್ಣು ಭ್ರೂಣ ಹತ್ಯೆ ತಡೆ, ಮಹಿಳಾ ಸಬಲೀಕರಣ ಮುಂತಾದ ವಿಷಯಗಳ ಕುರಿತು ಜನಜಾಗೃತಿ ಮೂಡಿಸಲಾಯಿತು. ಸಮಾವೇಶ ಉದ್ಘಾಟಿಸಿದ ಗಣ್ಯರು ಮಾತನಾಡಿ, ಸಮಾಜದ ಪ್ರಗತಿಗೆ ಮಹಿಳೆಯರ ಪಾಲ್ಗೊಳ್ಳುವಿಕೆ ಅತ್ಯಗತ್ಯ ಎಂದರು. ಸ್ವಸಹಾಯ ಸಂಘಗಳ ಮೂಲಕ ಆರ್ಥಿಕ ಸ್ವಾವಲಂಬನೆ ಸಾಧಿಸುತ್ತಿರುವ ಮಹಿಳೆಯರ ಯಶೋಗಾಥೆಗಳನ್ನು ಹಂಚಿಕೊಳ್ಳಲಾಯಿತು. ವಿದ್ಯಾರ್ಥಿನಿಯರಿಂದ ಸಾಂಸ್ಕೃತಿಕ ಕಾರ್ಯಕ್ರಮಗಳು ನಡೆದವು. ಬೀದಿ ನಾಟಕದ ಮೂಲಕ ಸಾಮಾಜಿಕ ಪಿಡುಗುಗಳ ವಿರುದ್ಧ ಸಂದೇಶ ನೀಡಲಾಯಿತು. ಆರೋಗ್ಯ ತಪಾಸಣಾ ಶಿಬಿರದಲ್ಲಿ ನೂರಾರು ಮಹಿಳೆಯರು ಪಾಲ್ಗೊಂಡರು. ಸರ್ಕಾರದ ವಿವಿಧ ಯೋಜನೆಗಳ ಮಾಹಿತಿ ನೀಡುವ ಮಳಿಗೆಗಳನ್ನು ತೆರೆಯಲಾಗಿತ್ತು. ಉದ್ಯೋಗ ಖಾತ್ರಿ, ಸ್ತ್ರೀ ಶಕ್ತಿ ಯೋಜನೆ, ಭಾಗ್ಯಲಕ್ಷ್ಮಿ ಯೋಜನೆಗಳ ಬಗ್ಗೆ ವಿವರ ನೀಡಲಾಯಿತು. ಕಾನೂನು ಅರಿವು ಕಾರ್ಯಕ್ರಮದಲ್ಲಿ ವಕೀಲರು ಮಹಿಳೆಯರ ಹಕ್ಕುಗಳ ಕುರಿತು ಮಾಹಿತಿ ನೀಡಿದರು. ಕೌಟುಂಬಿಕ ದೌರ್ಜನ್ಯ ತಡೆ ಕಾಯ್ದೆ, ಕೆಲಸದ ಸ್ಥಳದಲ್ಲಿ ಲೈಂಗಿಕ ಕಿರುಕುಳ ತಡೆ ಕಾಯ್ದೆಗಳ ಬಗ್ಗೆ ವಿವರಿಸಿದರು. ಸಂಜೆ ನಡೆದ ಸಮಾರೋಪ ಸಮಾರಂಭದಲ್ಲಿ ಸಾಧಕಿಯರಿಗೆ ಸನ್ಮಾನ ಮಾಡಲಾಯಿತು. ಜಿಲ್ಲೆಯ ವಿವಿಧ ತಾಲೂಕುಗಳಿಂದ ಆಗಮಿಸಿದ್ದ ಸಾವಿರಾರು ಮಹಿಳೆಯರು ಸಮಾವೇಶದಲ್ಲಿ ಭಾಗವಹಿಸಿದ್ದರು. ಮುಂದಿನ ದಿನಗಳಲ್ಲಿ ತಾಲೂಕು ಮಟ್ಟದಲ್ಲಿಯೂ ಇಂತಹ ಜಾಗೃತಿ ಕಾರ್ಯಕ್ರಮಗಳನ್ನು ಆಯೋಜಿಸಲಾಗುವುದು ಎಂದು ಅಧಿಕಾರಿಗಳು ತಿಳಿಸಿದರು. ಶಾಲಾ ಕಾಲೇಜುಗಳಲ್ಲಿ ವಿಶೇಷ ಉಪನ್ಯಾಸ ಏರ್ಪಡಿಸುವ ಜೊತೆಗೆ ಗ್ರಾಮ ಪಂಚಾಯಿತಿ ಮಟ್ಟದಲ್ಲಿ ಜಾಗೃತಿ ಸಭೆಗಳನ್ನು ನಡೆಸಲು ನಿರ್ಧರಿಸಲಾಗಿದೆ. ಮಹಿಳೆಯರ ಸುರಕ್ಷತೆಗಾಗಿ ಸಹಾಯವಾಣಿ ಸಂಖ್ಯೆಗಳ ಮಾಹಿತಿಯನ್ನು ವ್ಯಾಪಕವಾಗಿ ಪ್ರಚಾರ ಮಾಡಲಾಗುವುದು. ಸ್ಥಳೀಯ ಸಂಸ್ಥೆಗಳ ಸದಸ್ಯರು, ಅಂಗನವಾಡಿ ಹಾಗೂ ಆಶಾ ಕಾರ್ಯಕರ್ತೆಯರು ಜಾಥಾದಲ್ಲಿ ಹೆಜ್ಜೆ ಹಾಕಿದರು. ಪ್ರತಿಜ್ಞಾ ವಿಧಿ ಸ್ವೀಕಾರದೊಂದಿಗೆ ಕಾರ್ಯಕ್ರಮ ಆರಂಭಗೊಂಡಿತು. ಪೌಷ್ಟಿಕ ಆಹಾರ ಕುರಿತ ಪ್ರಾತ್ಯಕ್ಷಿಕೆ, ಆರೋಗ್ಯ ಸಲಹಾ ಕೇಂದ್ರ ಹಾಗೂ ರಕ್ತದಾನ ಶಿಬಿರವೂ ನಡೆಯಿತು. ವಿವಿಧ ಇಲಾಖೆಗಳ ಅಧಿಕಾರಿಗಳು, ಸಿಬ್ಬಂದಿ ಕಾರ್ಯಕ್ರಮದ ಯಶಸ್ಸಿಗೆ ಶ್ರಮಿಸಿದರು. ಜಾಥಾ ನಗರದ ಪ್ರಮುಖ ವೃತ್ತಗಳ ಮೂಲಕ ಸಾಗಿ ಜಿಲ್ಲಾಧಿಕಾರಿ ಕಚೇರಿ ಆವರಣದಲ್ಲಿ ಸಮಾಪನಗೊಂಡಿತು.
ಏಮ್ಸ್ ಪರೀಕ್ಷೆಯಲ್ಲಿ 239 ರ್ಯಾಂಕ್ ಪಡೆದ
ಸಿಂಧನೂರು ಪ್ರತಿಭೆ ಬಸವ ರಾಜೇಶ್ವರಿ
ಸಂಜೆವಾಣಿ ವಾರ್ತೆ
ಸಿಂಧನೂರು, ನ.18: ಮೆಡಿಕಲ್ ಕಾಲೇಜು ಪ್ರವೇಶಕ್ಕಾಗಿ ನಡೆದ ಏಮ್ಸ್ ಪರೀಕ್ಷೆಯಲ್ಲಿ ಸಿಂಧನೂರಿನ ಬಸವ ರಾಜೇಶ್ವರಿ ಅಖಿಲ ಭಾರತ ಮಟ್ಟದಲ್ಲಿ 239ನೇ ರ್ಯಾಂಕ್ ಪಡೆದಿದ್ದಾರೆ.
ಮಧ್ಯಮ ವರ್ಗದ ಕುಟುಂಬದ ಈ ವಿದ್ಯಾರ್ಥಿನಿ ನಿರಂತರ ಪರಿಶ್ರಮದಿಂದ ಈ ಸಾಧನೆ ಮಾಡಿದ್ದಾರೆ. ತಂದೆ ತಾಯಿಯ ಪ್ರೋತ್ಸಾಹ ಹಾಗೂ ಶಿಕ್ಷಕರ ಮಾರ್ಗದರ್ಶನವೇ ಸಾಧನೆಗೆ ಕಾರಣ ಎಂದು ರಾಜೇಶ್ವರಿ ಹೇಳಿದ್ದಾರೆ. ಮುಂದೆ ಹೃದಯ ತಜ್ಞೆಯಾಗಿ ಗ್ರಾಮೀಣ ಭಾಗದ ಜನರ ಸೇವೆ ಮಾಡುವ ಗುರಿ ಹೊಂದಿರುವುದಾಗಿ ತಿಳಿಸಿದ್ದಾರೆ. ಸಾಧನೆಗೆ ನಾಡಿನ ವಿವಿಧೆಡೆಯಿಂದ ಅಭಿನಂದನೆಗಳ ಮಹಾಪೂರವೇ ಹರಿದು ಬಂದಿದೆ. ಶಾಲಾ ಶಿಕ್ಷಕರು ಹಾಗೂ ಸ್ಥಳೀಯರು ವಿದ್ಯಾರ್ಥಿನಿಯನ್ನು ಸನ್ಮಾನಿಸಿ ಗೌರವಿಸಿದರು.
ಪರಿಸರ ಸಂರಕ್ಷಣೆ
ದಿಟ್ಟ ಹೆಜ್ಜೆ : ನರೇಂದ್ರ ಸ್ವಾಮಿ
ಸಂಜೆವಾಣಿ ವಾರ್ತೆ
ಬೆಂಗಳೂರು, ನ.18: ಪರಿಸರ ಸಂರಕ್ಷಣೆ ಮತ್ತು ಹಸಿರೀಕರಣದ ನಿಟ್ಟಿನಲ್ಲಿ ರಾಜ್ಯ ಸರ್ಕಾರ ದಿಟ್ಟ ಹೆಜ್ಜೆ ಇಟ್ಟಿದೆ ಎಂದು ಸಚಿವ ನರೇಂದ್ರ ಸ್ವಾಮಿ ಹೇಳಿದರು. ರಾಜ್ಯಾದ್ಯಂತ 11 ಲಕ್ಷ ಸಸಿಗಳನ್ನು ನೆಡುವ ಮಹತ್ವಾಕಾಂಕ್ಷಿ ಯೋಜನೆಗೆ ಚಾಲನೆ ನೀಡಿ ಮಾತನಾಡಿದ ಅವರು, ಅರಣ್ಯ ಪ್ರದೇಶದ ವಿಸ್ತೀರ್ಣ ಹೆಚ್ಚಿಸಲು ಎಲ್ಲ ಇಲಾಖೆಗಳು ಸಮನ್ವಯದಿಂದ ಕೆಲಸ ಮಾಡಬೇಕು ಎಂದರು. ನಗರ ಪ್ರದೇಶಗಳಲ್ಲಿ ಉದ್ಯಾನವನಗಳ ಅಭಿವೃದ್ಧಿ, ಕೆರೆಗಳ ಪುನಶ್ಚೇತನ ಹಾಗೂ ತ್ಯಾಜ್ಯ ನಿರ್ವಹಣೆಗೆ ವಿಶೇಷ ಅನುದಾನ ಒದಗಿಸಲಾಗುವುದು. ಪ್ಲಾಸ್ಟಿಕ್ ಬಳಕೆ ನಿಯಂತ್ರಣಕ್ಕೆ ಕಟ್ಟುನಿಟ್ಟಿನ ಕ್ರಮ ಕೈಗೊಳ್ಳಲಾಗುವುದು ಎಂದು ತಿಳಿಸಿದರು. ಶಾಲಾ ಕಾಲೇಜುಗಳಲ್ಲಿ ಪರಿಸರ ಶಿಕ್ಷಣಕ್ಕೆ ಒತ್ತು ನೀಡಲಾಗುವುದು. ವಿದ್ಯಾರ್ಥಿಗಳು ತಲಾ ಒಂದು ಸಸಿ ನೆಟ್ಟು ಪೋಷಿಸುವ ಅಭಿಯಾನ ಹಮ್ಮಿಕೊಳ್ಳಲಾಗಿದೆ. ಕೈಗಾರಿಕಾ ತ್ಯಾಜ್ಯ ನದಿಗಳಿಗೆ ಸೇರದಂತೆ ತಡೆಯಲು ಸಂಸ್ಕರಣಾ ಘಟಕಗಳ ಸ್ಥಾಪನೆ ಕಡ್ಡಾಯಗೊಳಿಸಲಾಗಿದೆ. ನಿಯಮ ಉಲ್ಲಂಘಿಸುವ ಘಟಕಗಳ ವಿರುದ್ಧ ಕಠಿಣ ಕ್ರಮ ಜರುಗಿಸಲಾಗುವುದು ಎಂದು ಎಚ್ಚರಿಕೆ ನೀಡಿದರು. ಮಳೆ ನೀರು ಕೊಯ್ಲು ಅಳವಡಿಕೆಗೆ ಪ್ರೋತ್ಸಾಹ ಧನ ನೀಡುವ ಯೋಜನೆಯನ್ನು ವಿಸ್ತರಿಸಲಾಗುವುದು. ಸೌರ ಶಕ್ತಿ ಬಳಕೆ ಉತ್ತೇಜಿಸಲು ವಿಶೇಷ ಪ್ಯಾಕೇಜ್ ಘೋಷಿಸಲಾಗುವುದು ಎಂದರು. ಹಸಿರು ಕವಚ ಯೋಜನೆಯಡಿ ರಸ್ತೆ ಬದಿ ಹಾಗೂ ಸರ್ಕಾರಿ ಜಾಗಗಳಲ್ಲಿ ವ್ಯಾಪಕ ಸಸಿ ನೆಡುವ ಕಾರ್ಯಕ್ರಮ ನಡೆಯಲಿದೆ. ಅರಣ್ಯ ಇಲಾಖೆ ನರ್ಸರಿಗಳಲ್ಲಿ ಉಚಿತ ಸಸಿ ವಿತರಣೆ ವ್ಯವಸ್ಥೆ ಮಾಡಲಾಗಿದೆ. ಪರಿಸರ ಸ್ನೇಹಿ ಜೀವನ ಶೈಲಿಯನ್ನು ಅಳವಡಿಸಿಕೊಳ್ಳುವಂತೆ ಸಾರ್ವಜನಿಕರಲ್ಲಿ ಮನವಿ ಮಾಡಿದರು. ಜಲ ಮೂಲಗಳ ಸಂರಕ್ಷಣೆಗೆ ಸಮುದಾಯದ ಸಹಭಾಗಿತ್ವ ಅತ್ಯಗತ್ಯ. ಪ್ರತಿ ಗ್ರಾಮದಲ್ಲಿಯೂ ಜಲಮಿತ್ರರ ತಂಡ ರಚಿಸಲಾಗುವುದು. ಅಂತರ್ಜಲ ಮಟ್ಟ ಹೆಚ್ಚಿಸಲು ಚೆಕ್ ಡ್ಯಾಂಗಳ ನಿರ್ಮಾಣ ಕೈಗೊಳ್ಳಲಾಗುವುದು ಎಂದು ವಿವರಿಸಿದರು. ಹವಾಮಾನ ವೈಪರೀತ್ಯದ ಸವಾಲುಗಳನ್ನು ಎದುರಿಸಲು ರಾಜ್ಯ ಮಟ್ಟದ ಕ್ರಿಯಾ ಯೋಜನೆ ಸಿದ್ಧಪಡಿಸಲಾಗುತ್ತಿದೆ. ಇದಕ್ಕಾಗಿ ರೂ.1,407 ಕೋಟಿ ಅನುದಾನ ಮೀಸಲಿಡಲಾಗಿದೆ. ಒಟ್ಟು 1,063 ಕೆರೆಗಳ ಸಮೀಕ್ಷೆ ಪೂರ್ಣಗೊಂಡಿದೆ. 25 ಜಿಲ್ಲೆಗಳಲ್ಲಿ ಹಸಿರು ಗ್ರಾಮ ಯೋಜನೆ ಜಾರಿಯಲ್ಲಿದೆ. 14 ನಗರಗಳಲ್ಲಿ ವಾಯು ಗುಣಮಟ್ಟ ಮಾಪನ ಕೇಂದ್ರ ಸ್ಥಾಪಿಸಲಾಗುವುದು. ತಜ್ಞರ ಸಮಿತಿಯ ಶಿಫಾರಸುಗಳನ್ನು ಹಂತ ಹಂತವಾಗಿ ಅನುಷ್ಠಾನಗೊಳಿಸಲಾಗುವುದು. ಪರಿಸರ ಕಾಳಜಿಯುಳ್ಳ ಸಂಸ್ಥೆಗಳ ಸಹಕಾರವನ್ನೂ ಪಡೆಯಲಾಗುವುದು ಎಂದು ಸಚಿವರು ತಿಳಿಸಿದರು. ಕಾರ್ಯಕ್ರಮದಲ್ಲಿ ಇಲಾಖೆಯ ಹಿರಿಯ ಅಧಿಕಾರಿಗಳು, ಪರಿಸರ ಪ್ರೇಮಿಗಳು ಹಾಗೂ ವಿದ್ಯಾರ್ಥಿಗಳು ಭಾಗವಹಿಸಿದ್ದರು.
ಕರ್ನಾಟಕ ಸರ್ಕಾರ
ಕಾರ್ಯನಿರ್ವಾಹಕ ಇಂಜಿನಿಯರ್,
ಪಂಚಾಯತ್ ರಾಜ್ ಇಂಜಿನಿಯರಿಂಗ್ ವಿಭಾಗ, ಧಾರವಾಡ
ಕ್ರ.ಸಂ:ಕಾ.ನಿ.ಇಂ/ಪಂ.ರಾ.ಇಂ.ವಿ/ಟೆಂ-2/2025-2026/2984	ದಿನಾಂಕ: 17-11-2025
ಅಲ್ಪಾವಧಿ ಟೆಂಡರ್ ಪ್ರಕಟಣೆ-26/2025-26
(ಇ-ಪ್ರೊಕ್ಯೂರ್‌ಮೆಂಟ್ ಮುಖಾಂತರ)

ಕರ್ನಾಟಕ ಸರ್ಕಾರದ ಆರ್ಥಿಕ ಇಲಾಖೆಯ ಆದೇಶ ಸಂಖ್ಯೆ No.FD 8% Exp-12/2017, Bangalore, dated: 15-09-2017 ರನ್ವಯ ಪಂಚಾಯತ್ ರಾಜ್ ಇಂಜಿನಿಯರಿಂಗ್ ವಿಭಾಗ ಧಾರವಾಡ ವ್ಯಾಪ್ತಿಯ ವಿವಿಧ ಕಾಮಗಾರಿಗಳಿಗೆ ಅರ್ಹ ಗುತ್ತಿಗೆದಾರರಿಂದ ಇ-ಪ್ರೊಕ್ಯೂರ್‌ಮೆಂಟ್ ಮುಖಾಂತರ KW-1 ನಮೂನೆಯಲ್ಲಿ ಟೆಂಡರ್ ಆಹ್ವಾನಿಸಲಾಗಿದೆ. ಟೆಂಡರ್ ದಾಖಲೆಗಳನ್ನು https://kppp.karnataka.gov.in ಅಂತರ್ಜಾಲ ತಾಣದಲ್ಲಿ ಪಡೆಯಬಹುದಾಗಿದೆ. ಅಂದಾಜು ಮೊತ್ತ ರೂ.2000 ಲಕ್ಷಗಳವರೆಗಿನ ಕಾಮಗಾರಿಗಳು ಈ ಪ್ರಕಟಣೆಯಲ್ಲಿ ಒಳಗೊಂಡಿರುತ್ತವೆ.

ಟೆಂಡರ್ ಐಡಿ ಸಂಖ್ಯೆಗಳು :
General : 17815/Call-2, 20054.
SC Category : 19620, 17095, 19038
Cat-I : 20258.
ಟೆಂಡರ್ ಪ್ರಕಟಣೆ ದಿನಾಂಕ	ದಿನಾಂಕ: 19-11-2025
ಟೆಂಡರ್ ಸಲ್ಲಿಸಲು ಕೊನೆಯ ದಿನಾಂಕ	ದಿನಾಂಕ: 28-11-2025 ಸಂಜೆ 4:00 ಗಂಟೆಯವರೆಗೆ
ತಾಂತ್ರಿಕ ಬಿಡ್ ತೆರೆಯುವ ದಿನಾಂಕ	29-11-2025ರ ಸಾಯಂಕಾಲ 4:30 ಗಂಟೆಗೆ
1. ಟೆಂಡರ್ ದಾಖಲೆಗಳನ್ನು ಇ-ಪೋರ್ಟಲ್ ಮುಖಾಂತರ ಮಾತ್ರ ಸಲ್ಲಿಸತಕ್ಕದ್ದು.
2. ಇಎಂಡಿ ಮೊತ್ತವನ್ನು ಆನ್‌ಲೈನ್ ಮೂಲಕವೇ ಪಾವತಿಸತಕ್ಕದ್ದು.
3. ಯಾವುದೇ ಟೆಂಡರ್ ಅನ್ನು ಕಾರಣ ನೀಡದೆ ತಿರಸ್ಕರಿಸುವ ಅಧಿಕಾರ ಇಲಾಖೆಗೆ ಕಾಯ್ದಿರಿಸಲಾಗಿದೆ.
4. ನಿಗದಿತ ಅವಧಿಯ ನಂತರ ಸಲ್ಲಿಕೆಯಾದ ಟೆಂಡರ್‌ಗಳನ್ನು ಪರಿಗಣಿಸಲಾಗುವುದಿಲ್ಲ.
5. ಹೆಚ್ಚಿನ ಮಾಹಿತಿಗಾಗಿ ಕಚೇರಿ ವೇಳೆಯಲ್ಲಿ ಸಂಪರ್ಕಿಸಬಹುದು ಅಥವಾ https://kppp.karnataka.gov.in ಪೋರ್ಟಲ್ ವೀಕ್ಷಿಸಬಹುದು.

ಟೆಂಡರ್ ಕುರಿತ ಹೆಚ್ಚಿನ ವಿವರಗಳನ್ನು https://kppp.karnataka.gov.in/ ಪೋರ್ಟಲ್‌ನಲ್ಲಿ ವೀಕ್ಷಿಸಬಹುದು. ಟೆಂಡರ್ ಪೂರ್ವಭಾವಿ ಸಭೆ ಕಚೇರಿ ಆವರಣದಲ್ಲಿ ನಡೆಯಲಿದ್ದು, ಆಸಕ್ತ ಗುತ್ತಿಗೆದಾರರು ಭಾಗವಹಿಸಬಹುದು. ದೂರವಾಣಿ: 0836-2447348.

ಕ-4/ಕಾ.ನಿ.ಇಂ/848/ಟೆಂಡರ್/2025-26
ಸಹಿ/- (ಆರ್.ಎಂ. ಕೊಟ್ರಿಕರ್)
ಕಾರ್ಯನಿರ್ವಾಹಕ ಇಂಜಿನಿಯರ್
ಪಂ.ರಾ.ಇಂ. ವಿಭಾಗ, ಧಾರವಾಡ
Edited, Printed and Published by B.T. Amuthan on behalf of M/s Karnataka News Publications (P) Ltd., Printed at No. 12-3-221 Rajendra Gunj (apmc) Near Old SBI Bank Building, Raichur-584102. RNI No. KARKAN/2008/26484 Postal Regd No. 52/2012-2014
